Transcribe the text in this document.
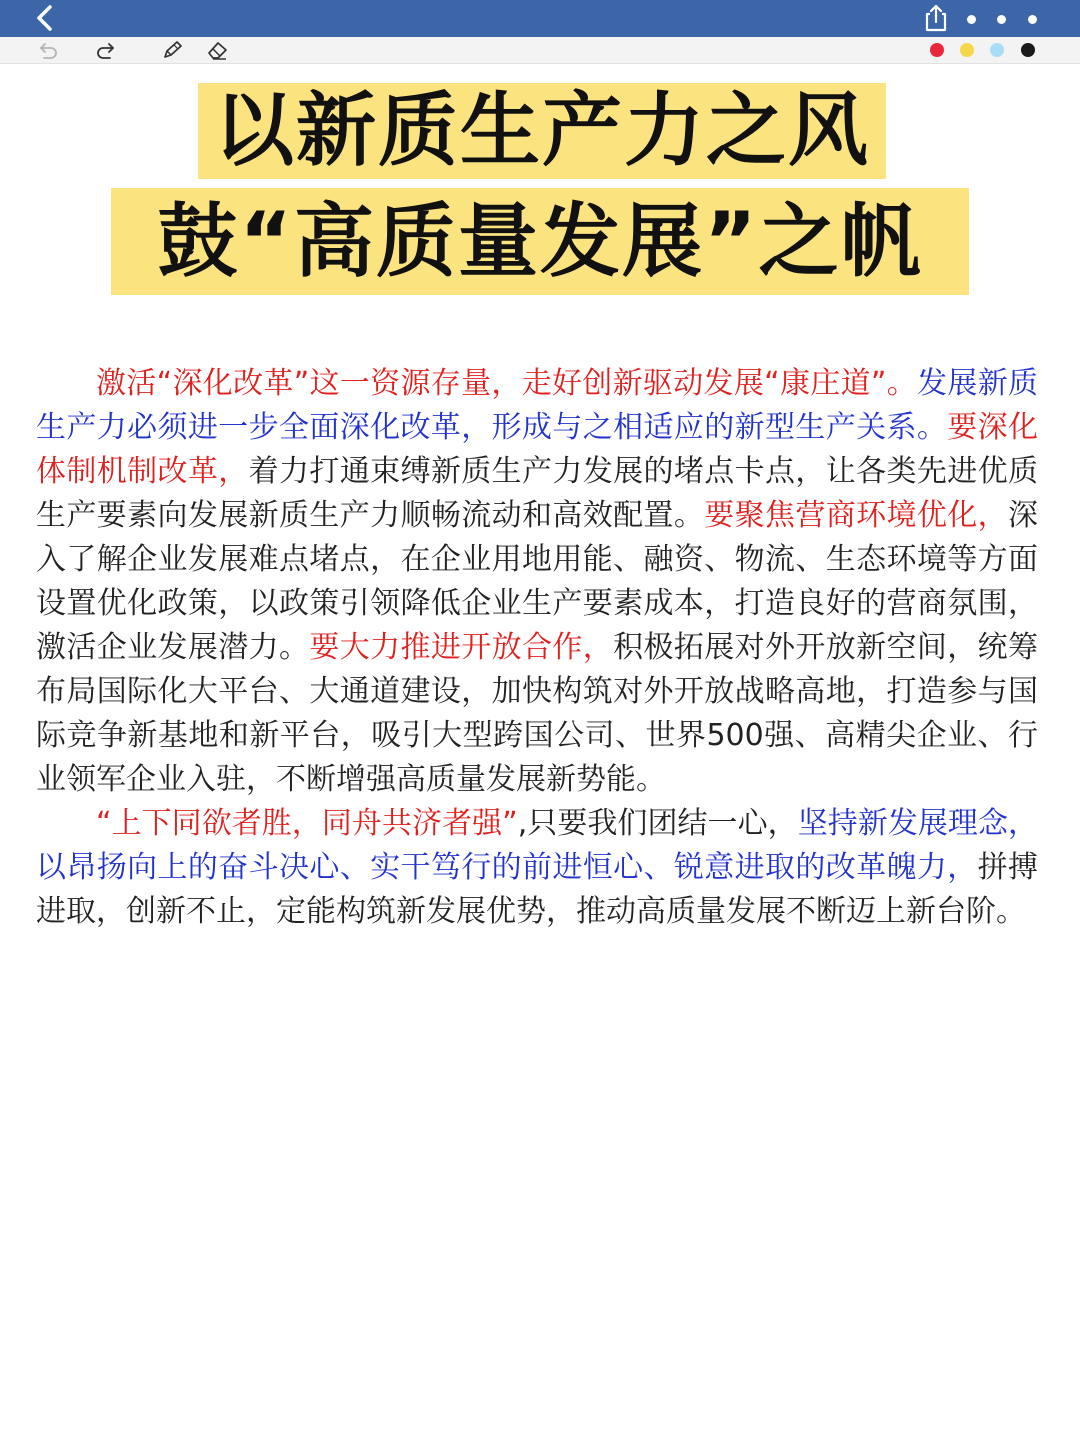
以新质生产力之风
鼓“高质量发展”之帆

激活“深化改革”这一资源存量，走好创新驱动发展“康庄道”。发展新质生产力必须进一步全面深化改革，形成与之相适应的新型生产关系。要深化体制机制改革，着力打通束缚新质生产力发展的堵点卡点，让各类先进优质生产要素向发展新质生产力顺畅流动和高效配置。要聚焦营商环境优化，深入了解企业发展难点堵点，在企业用地用能、融资、物流、生态环境等方面设置优化政策，以政策引领降低企业生产要素成本，打造良好的营商氛围，激活企业发展潜力。要大力推进开放合作，积极拓展对外开放新空间，统筹布局国际化大平台、大通道建设，加快构筑对外开放战略高地，打造参与国际竞争新基地和新平台，吸引大型跨国公司、世界500强、高精尖企业、行业领军企业入驻，不断增强高质量发展新势能。

“上下同欲者胜，同舟共济者强”,只要我们团结一心，坚持新发展理念，以昂扬向上的奋斗决心、实干笃行的前进恒心、锐意进取的改革魄力，拼搏进取，创新不止，定能构筑新发展优势，推动高质量发展不断迈上新台阶。
